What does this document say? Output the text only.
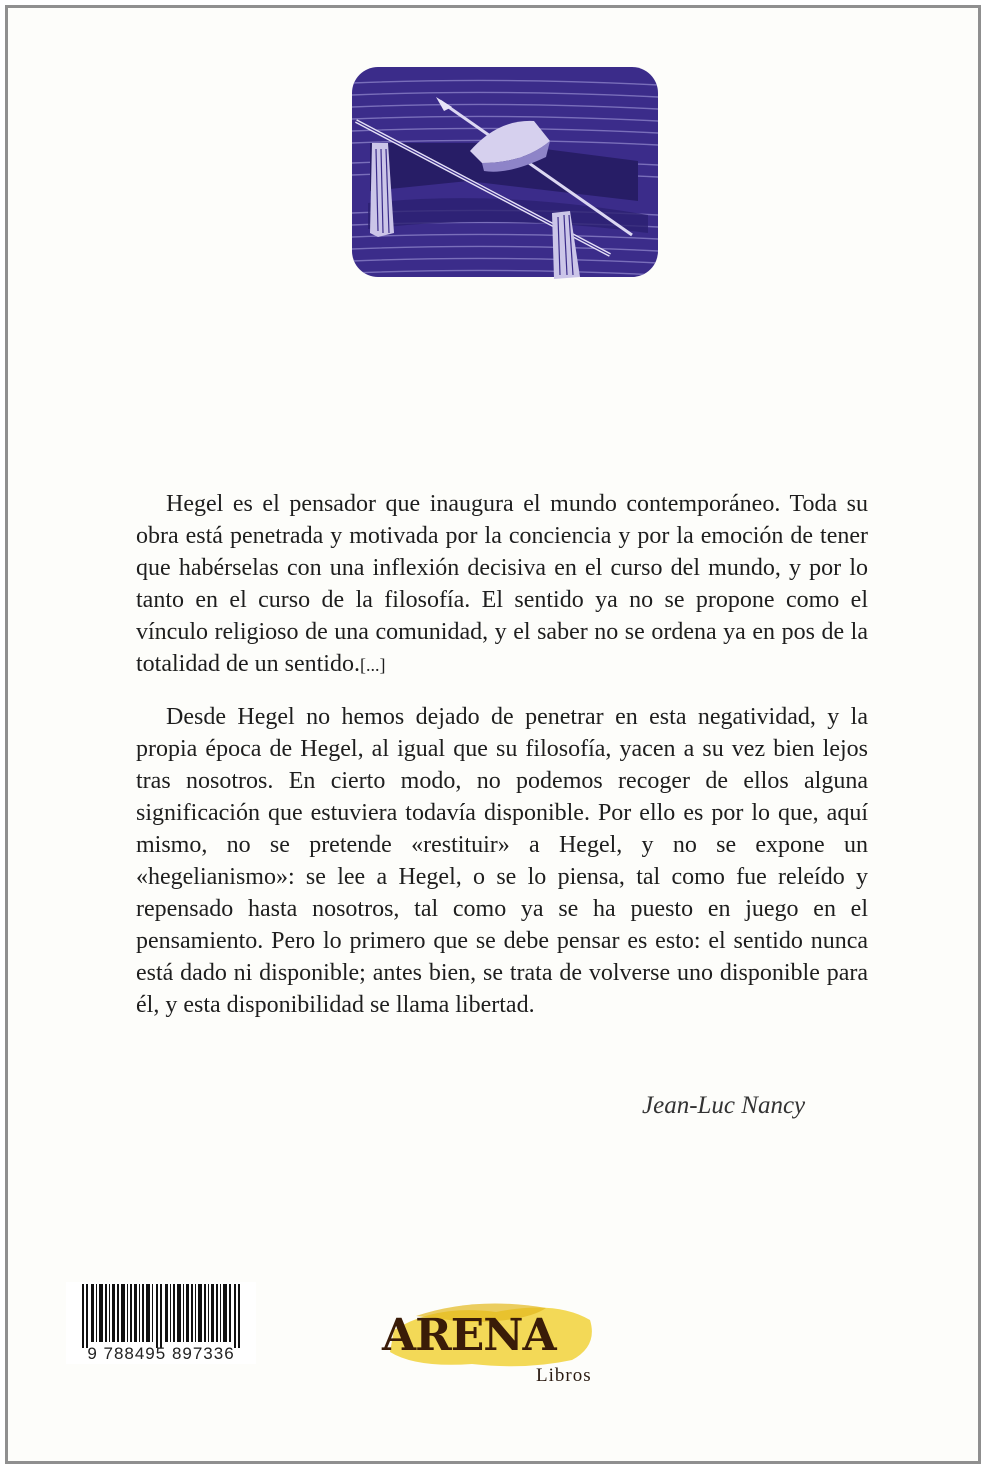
Hegel es el pensador que inaugura el mundo contemporáneo. Toda su obra está penetrada y motivada por la conciencia y por la emoción de tener que habérselas con una inflexión decisiva en el curso del mundo, y por lo tanto en el curso de la filosofía. El sentido ya no se propone como el vínculo religioso de una comunidad, y el saber no se ordena ya en pos de la totalidad de un sentido.[...]

Desde Hegel no hemos dejado de penetrar en esta negatividad, y la propia época de Hegel, al igual que su filosofía, yacen a su vez bien lejos tras nosotros. En cierto modo, no podemos recoger de ellos alguna significación que estuviera todavía disponible. Por ello es por lo que, aquí mismo, no se pretende «restituir» a Hegel, y no se expone un «hegelianismo»: se lee a Hegel, o se lo piensa, tal como fue releído y repensado hasta nosotros, tal como ya se ha puesto en juego en el pensamiento. Pero lo primero que se debe pensar es esto: el sentido nunca está dado ni disponible; antes bien, se trata de volverse uno disponible para él, y esta disponibilidad se llama libertad.

Jean-Luc Nancy
9 788495 897336	ARENA
Libros
